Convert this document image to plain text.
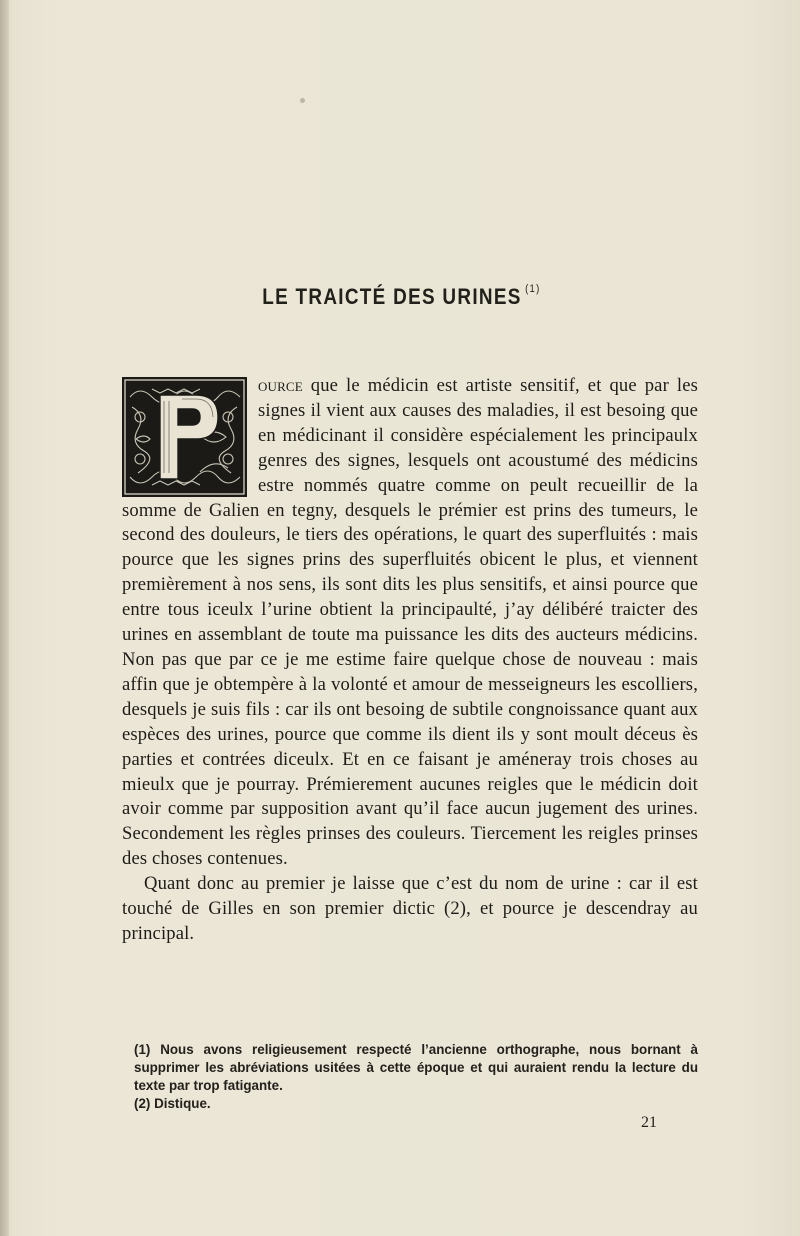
LE TRAICTÉ DES URINES $^{(1)}$

ource que le médicin est artiste sensitif, et que par les signes il vient aux causes des maladies, il est besoing que en médicinant il considère espécialement les principaulx genres des signes, lesquels ont acoustumé des médicins estre nommés quatre comme on peult recueillir de la somme de Galien en tegny, desquels le prémier est prins des tumeurs, le second des douleurs, le tiers des opérations, le quart des superfluités : mais pource que les signes prins des superfluités obicent le plus, et viennent premièrement à nos sens, ils sont dits les plus sensitifs, et ainsi pource que entre tous iceulx l’urine obtient la principaulté, j’ay délibéré traicter des urines en assemblant de toute ma puissance les dits des aucteurs médicins. Non pas que par ce je me estime faire quelque chose de nouveau : mais affin que je obtempère à la volonté et amour de messeigneurs les escolliers, desquels je suis fils : car ils ont besoing de subtile congnoissance quant aux espèces des urines, pource que comme ils dient ils y sont moult déceus ès parties et contrées diceulx. Et en ce faisant je améneray trois choses au mieulx que je pourray. Prémierement aucunes reigles que le médicin doit avoir comme par supposition avant qu’il face aucun jugement des urines. Secondement les règles prinses des couleurs. Tiercement les reigles prinses des choses contenues.

Quant donc au premier je laisse que c’est du nom de urine : car il est touché de Gilles en son premier dictic (2), et pource je descendray au principal.

(1) Nous avons religieusement respecté l’ancienne orthographe, nous bornant à supprimer les abréviations usitées à cette époque et qui auraient rendu la lecture du texte par trop fatigante.

(2) Distique.

21
